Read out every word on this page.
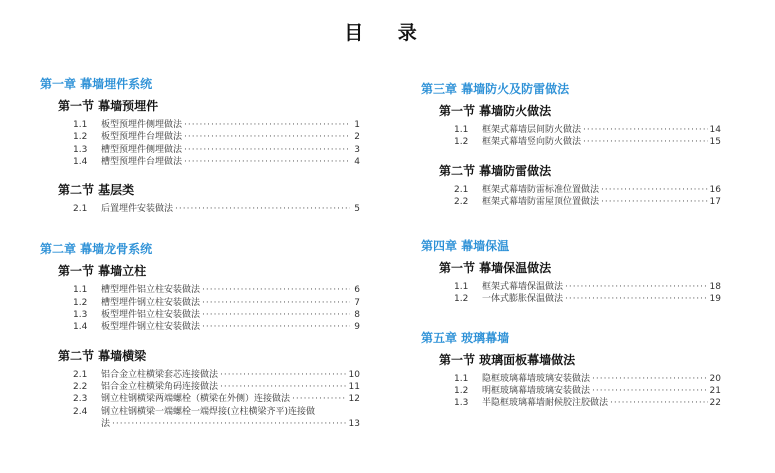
目 录
第一章 幕墙埋件系统
第一节 幕墙预埋件
1.1	板型预埋件侧埋做法 ·····	1
1.2	板型预埋件台埋做法 ·····	2
1.3	槽型预埋件侧埋做法 ·····	3
1.4	槽型预埋件台埋做法 ·····	4
第二节 基层类
2.1	后置埋件安装做法 ·····	5
第二章 幕墙龙骨系统
第一节 幕墙立柱
1.1	槽型埋件铝立柱安装做法 ·····	6
1.2	槽型埋件钢立柱安装做法 ·····	7
1.3	板型埋件铝立柱安装做法 ·····	8
1.4	板型埋件钢立柱安装做法 ·····	9
第二节 幕墙横梁
2.1	铝合金立柱横梁套芯连接做法 ·····	10
2.2	铝合金立柱横梁角码连接做法 ·····	11
2.3	钢立柱钢横梁两端螺栓（横梁在外侧）连接做法 ·····	12
2.4	钢立柱钢横梁一端螺栓一端焊接(立柱横梁齐平)连接做
法 ·····	13
第三章 幕墙防火及防雷做法
第一节 幕墙防火做法
1.1	框架式幕墙层间防火做法 ·····	14
1.2	框架式幕墙竖向防火做法 ·····	15
第二节 幕墙防雷做法
2.1	框架式幕墙防雷标准位置做法 ·····	16
2.2	框架式幕墙防雷屋顶位置做法 ·····	17
第四章 幕墙保温
第一节 幕墙保温做法
1.1	框架式幕墙保温做法 ·····	18
1.2	一体式膨胀保温做法 ·····	19
第五章 玻璃幕墙
第一节 玻璃面板幕墙做法
1.1	隐框玻璃幕墙玻璃安装做法 ·····	20
1.2	明框玻璃幕墙玻璃安装做法 ·····	21
1.3	半隐框玻璃幕墙耐候胶注胶做法 ·····	22
